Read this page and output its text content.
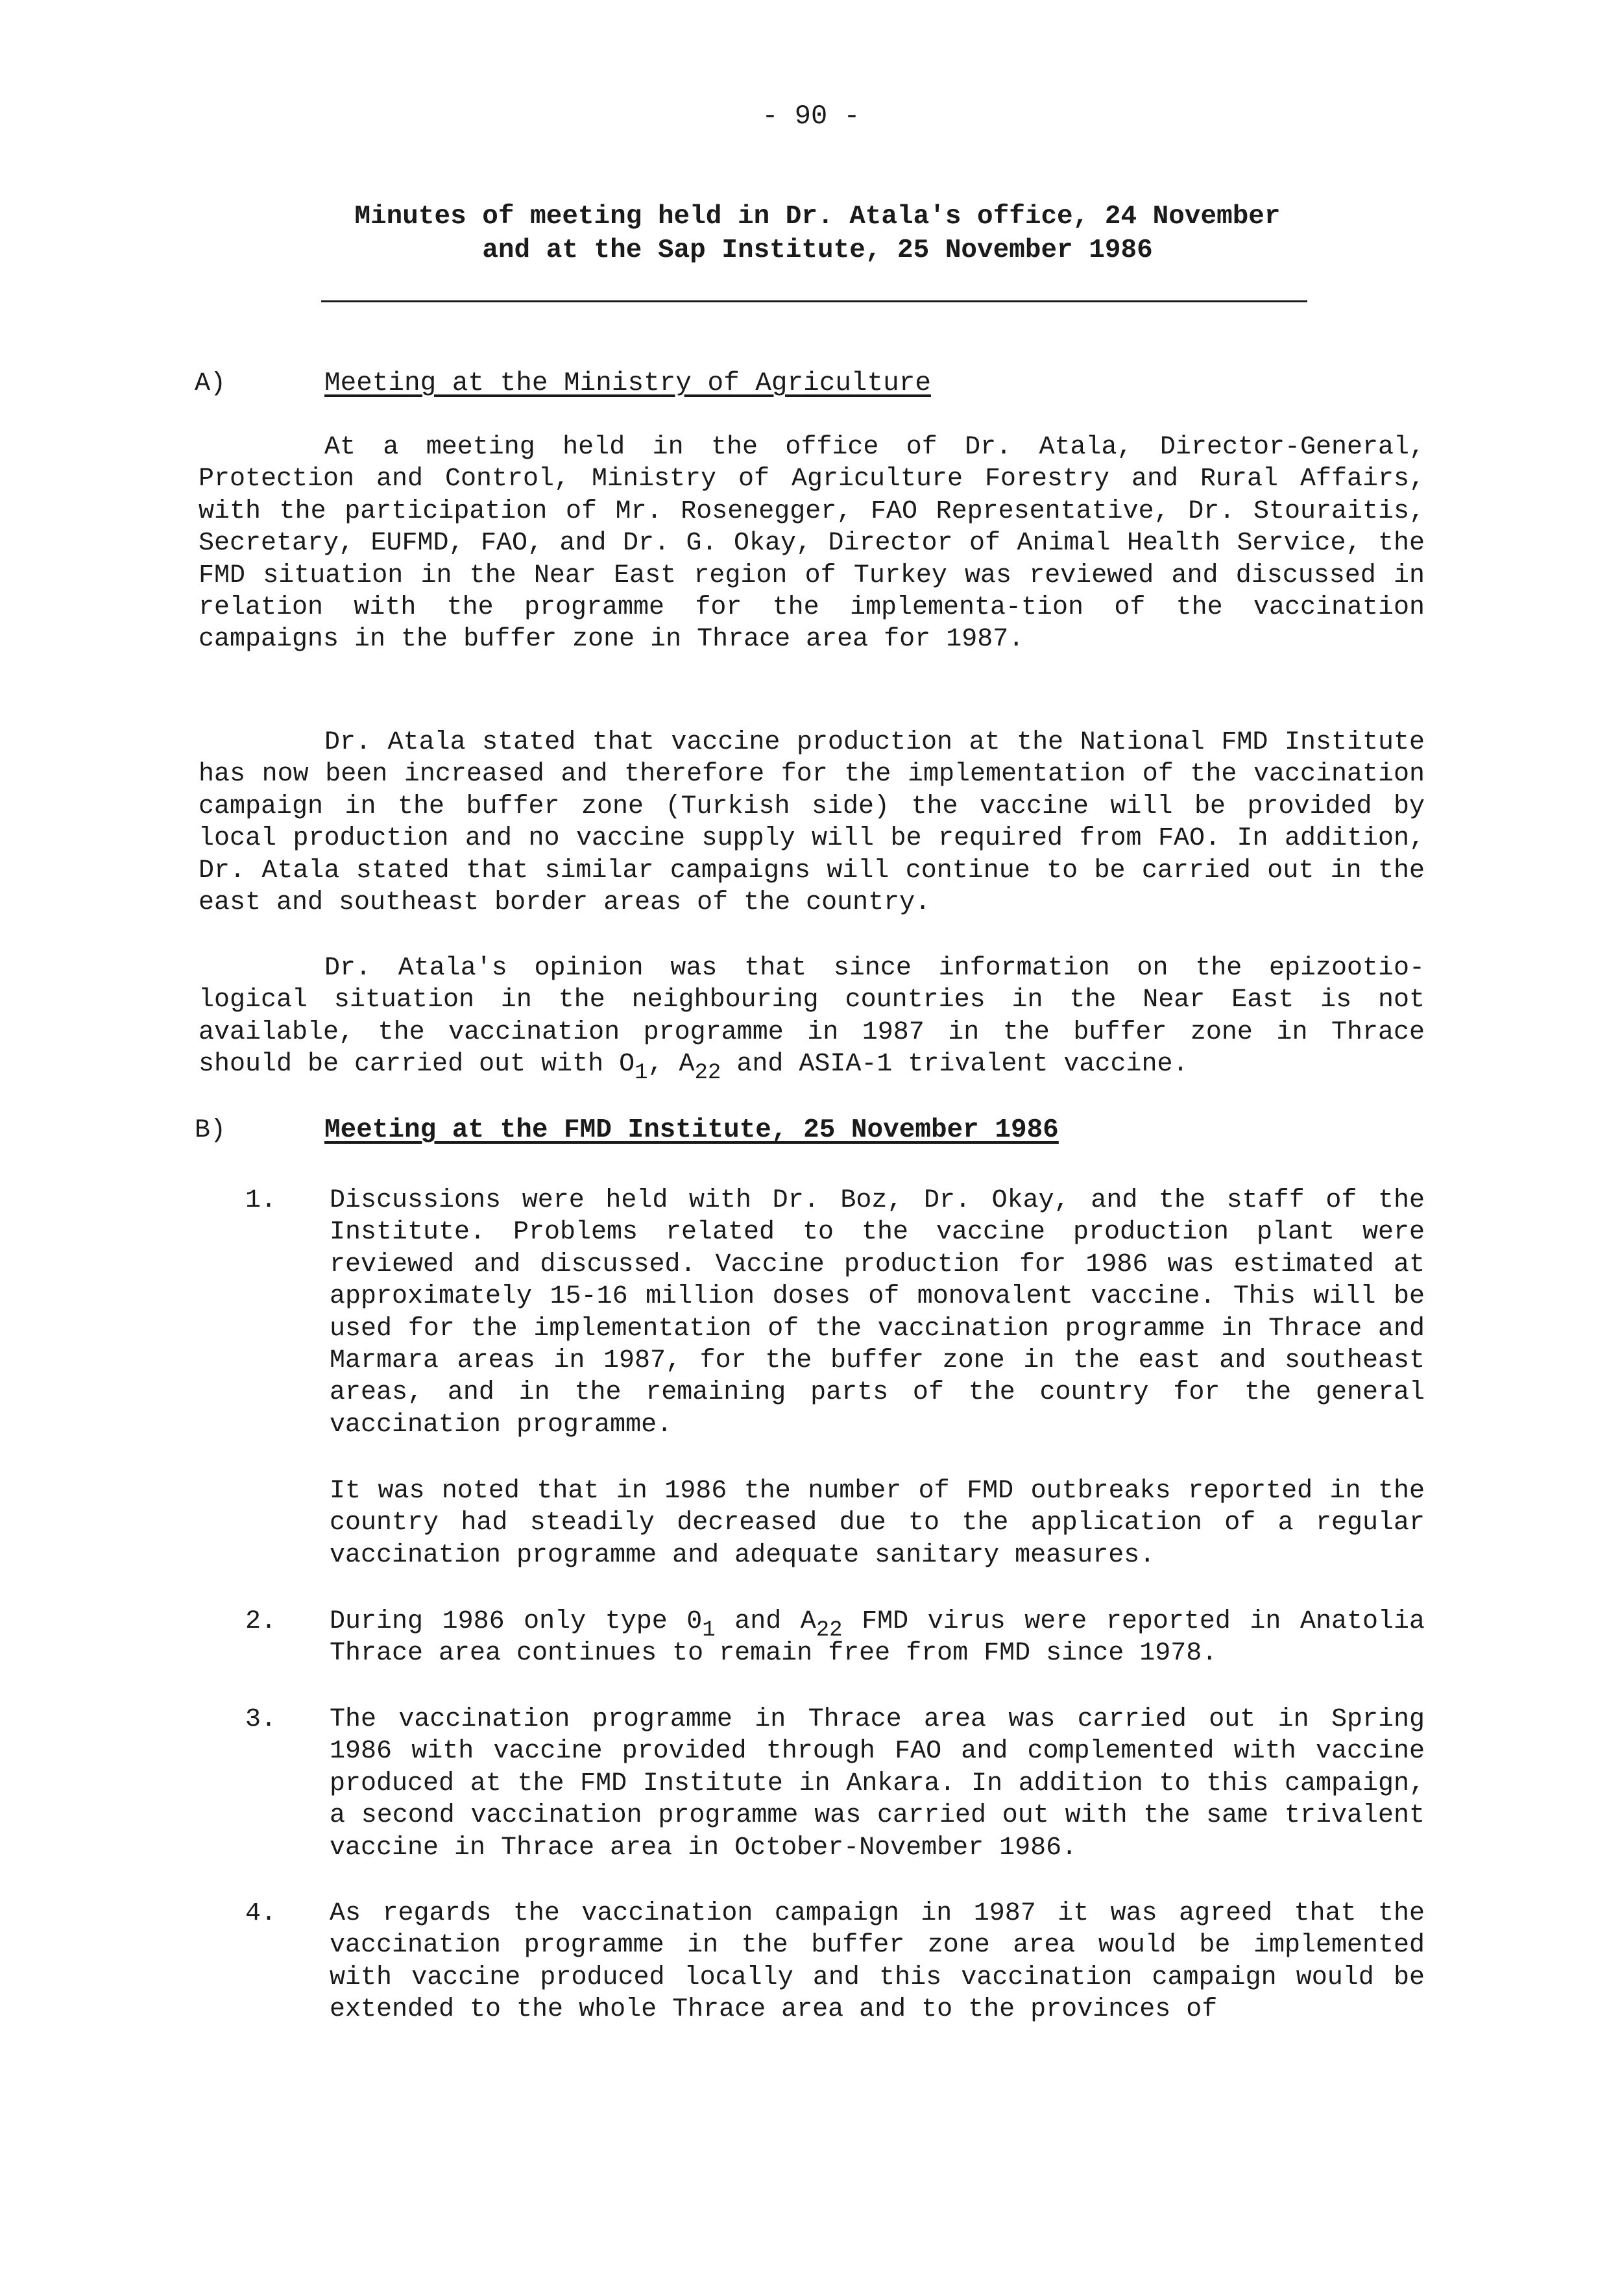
- 90 -
Minutes of meeting held in Dr. Atala's office, 24 November
and at the Sap Institute, 25 November 1986
A)	Meeting at the Ministry of Agriculture

At a meeting held in the office of Dr. Atala, Director-General, Protection and Control, Ministry of Agriculture Forestry and Rural Affairs, with the participation of Mr. Rosenegger, FAO Representative, Dr. Stouraitis, Secretary, EUFMD, FAO, and Dr. G. Okay, Director of Animal Health Service, the FMD situation in the Near East region of Turkey was reviewed and discussed in relation with the programme for the implementa-tion of the vaccination campaigns in the buffer zone in Thrace area for 1987.

Dr. Atala stated that vaccine production at the National FMD Institute has now been increased and therefore for the implementation of the vaccination campaign in the buffer zone (Turkish side) the vaccine will be provided by local production and no vaccine supply will be required from FAO. In addition, Dr. Atala stated that similar campaigns will continue to be carried out in the east and southeast border areas of the country.

Dr. Atala's opinion was that since information on the epizootio-logical situation in the neighbouring countries in the Near East is not available, the vaccination programme in 1987 in the buffer zone in Thrace should be carried out with $O_1$, $A_{22}$ and ASIA-1 trivalent vaccine.

B)	Meeting at the FMD Institute, 25 November 1986
1. Discussions were held with Dr. Boz, Dr. Okay, and the staff of the Institute. Problems related to the vaccine production plant were reviewed and discussed. Vaccine production for 1986 was estimated at approximately 15-16 million doses of monovalent vaccine. This will be used for the implementation of the vaccination programme in Thrace and Marmara areas in 1987, for the buffer zone in the east and southeast areas, and in the remaining parts of the country for the general vaccination programme.
It was noted that in 1986 the number of FMD outbreaks reported in the country had steadily decreased due to the application of a regular vaccination programme and adequate sanitary measures.
2. During 1986 only type $0_1$ and $A_{22}$ FMD virus were reported in Anatolia Thrace area continues to remain free from FMD since 1978.
3. The vaccination programme in Thrace area was carried out in Spring 1986 with vaccine provided through FAO and complemented with vaccine produced at the FMD Institute in Ankara. In addition to this campaign, a second vaccination programme was carried out with the same trivalent vaccine in Thrace area in October-November 1986.
4. As regards the vaccination campaign in 1987 it was agreed that the vaccination programme in the buffer zone area would be implemented with vaccine produced locally and this vaccination campaign would be extended to the whole Thrace area and to the provinces of
